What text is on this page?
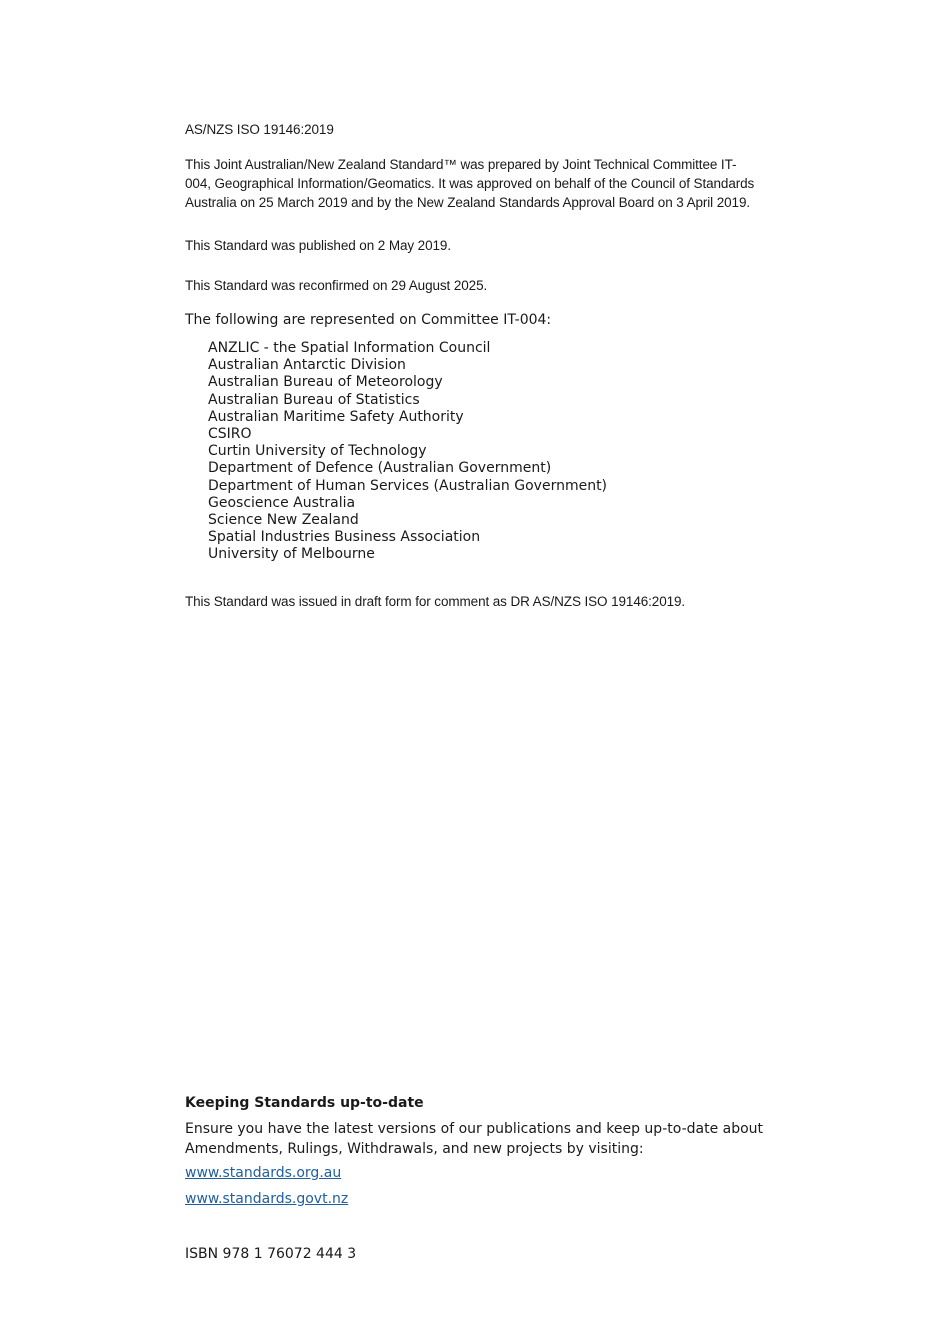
AS/NZS ISO 19146:2019

This Joint Australian/New Zealand Standard™ was prepared by Joint Technical Committee IT-004, Geographical Information/Geomatics. It was approved on behalf of the Council of Standards Australia on 25 March 2019 and by the New Zealand Standards Approval Board on 3 April 2019.

This Standard was published on 2 May 2019.

This Standard was reconfirmed on 29 August 2025.

The following are represented on Committee IT-004:

ANZLIC - the Spatial Information Council
Australian Antarctic Division
Australian Bureau of Meteorology
Australian Bureau of Statistics
Australian Maritime Safety Authority
CSIRO
Curtin University of Technology
Department of Defence (Australian Government)
Department of Human Services (Australian Government)
Geoscience Australia
Science New Zealand
Spatial Industries Business Association
University of Melbourne

This Standard was issued in draft form for comment as DR AS/NZS ISO 19146:2019.

Keeping Standards up-to-date

Ensure you have the latest versions of our publications and keep up-to-date about Amendments, Rulings, Withdrawals, and new projects by visiting:

www.standards.org.au
www.standards.govt.nz

ISBN 978 1 76072 444 3
